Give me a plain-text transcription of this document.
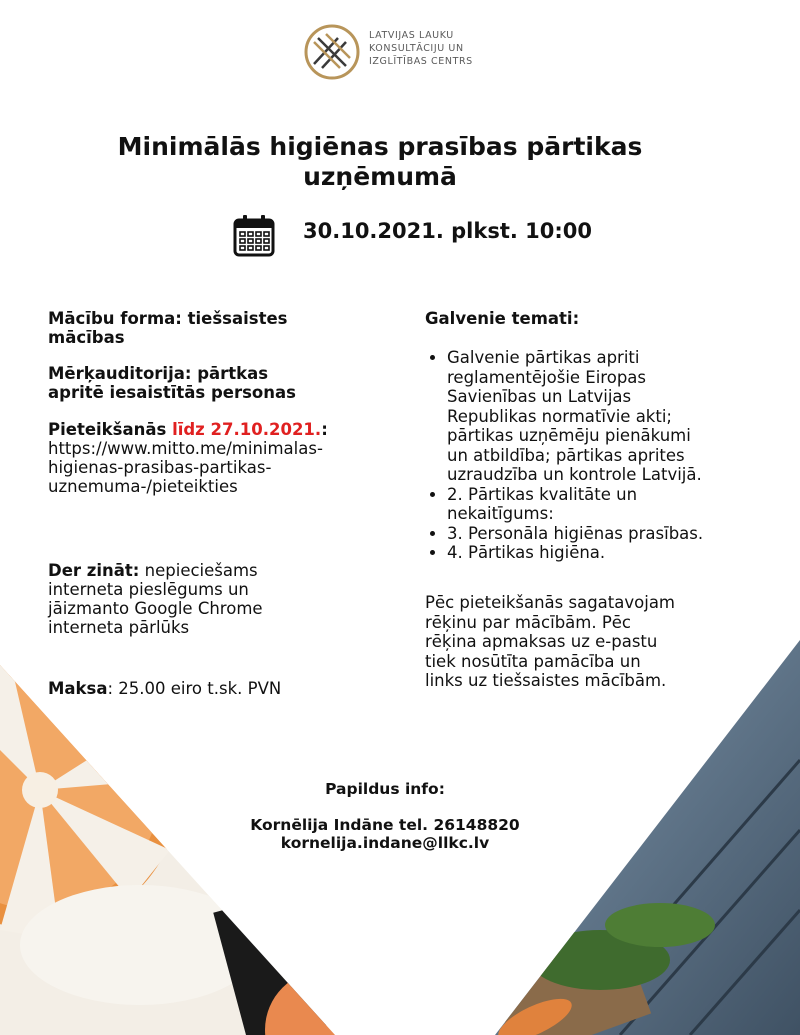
LATVIJAS LAUKU
KONSULTĀCIJU UN
IZGLĪTĪBAS CENTRS
Minimālās higiēnas prasības pārtikas
uzņēmumā
30.10.2021. plkst. 10:00
Mācību forma: tiešsaistes
mācības
Mērķauditorija: pārtkas
apritē iesaistītās personas
Pieteikšanās līdz 27.10.2021.:
https://www.mitto.me/minimalas-
higienas-prasibas-partikas-
uznemuma-/pieteikties
Der zināt: nepieciešams
interneta pieslēgums un
jāizmanto Google Chrome
interneta pārlūks
Maksa: 25.00 eiro t.sk. PVN
Galvenie temati:
• Galvenie pārtikas apriti
reglamentējošie Eiropas
Savienības un Latvijas
Republikas normatīvie akti;
pārtikas uzņēmēju pienākumi
un atbildība; pārtikas aprites
uzraudzība un kontrole Latvijā.
• 2. Pārtikas kvalitāte un
nekaitīgums:
• 3. Personāla higiēnas prasības.
• 4. Pārtikas higiēna.
Pēc pieteikšanās sagatavojam
rēķinu par mācībām. Pēc
rēķina apmaksas uz e-pastu
tiek nosūtīta pamācība un
links uz tiešsaistes mācībām.
Papildus info:
Kornēlija Indāne tel. 26148820
kornelija.indane@llkc.lv
